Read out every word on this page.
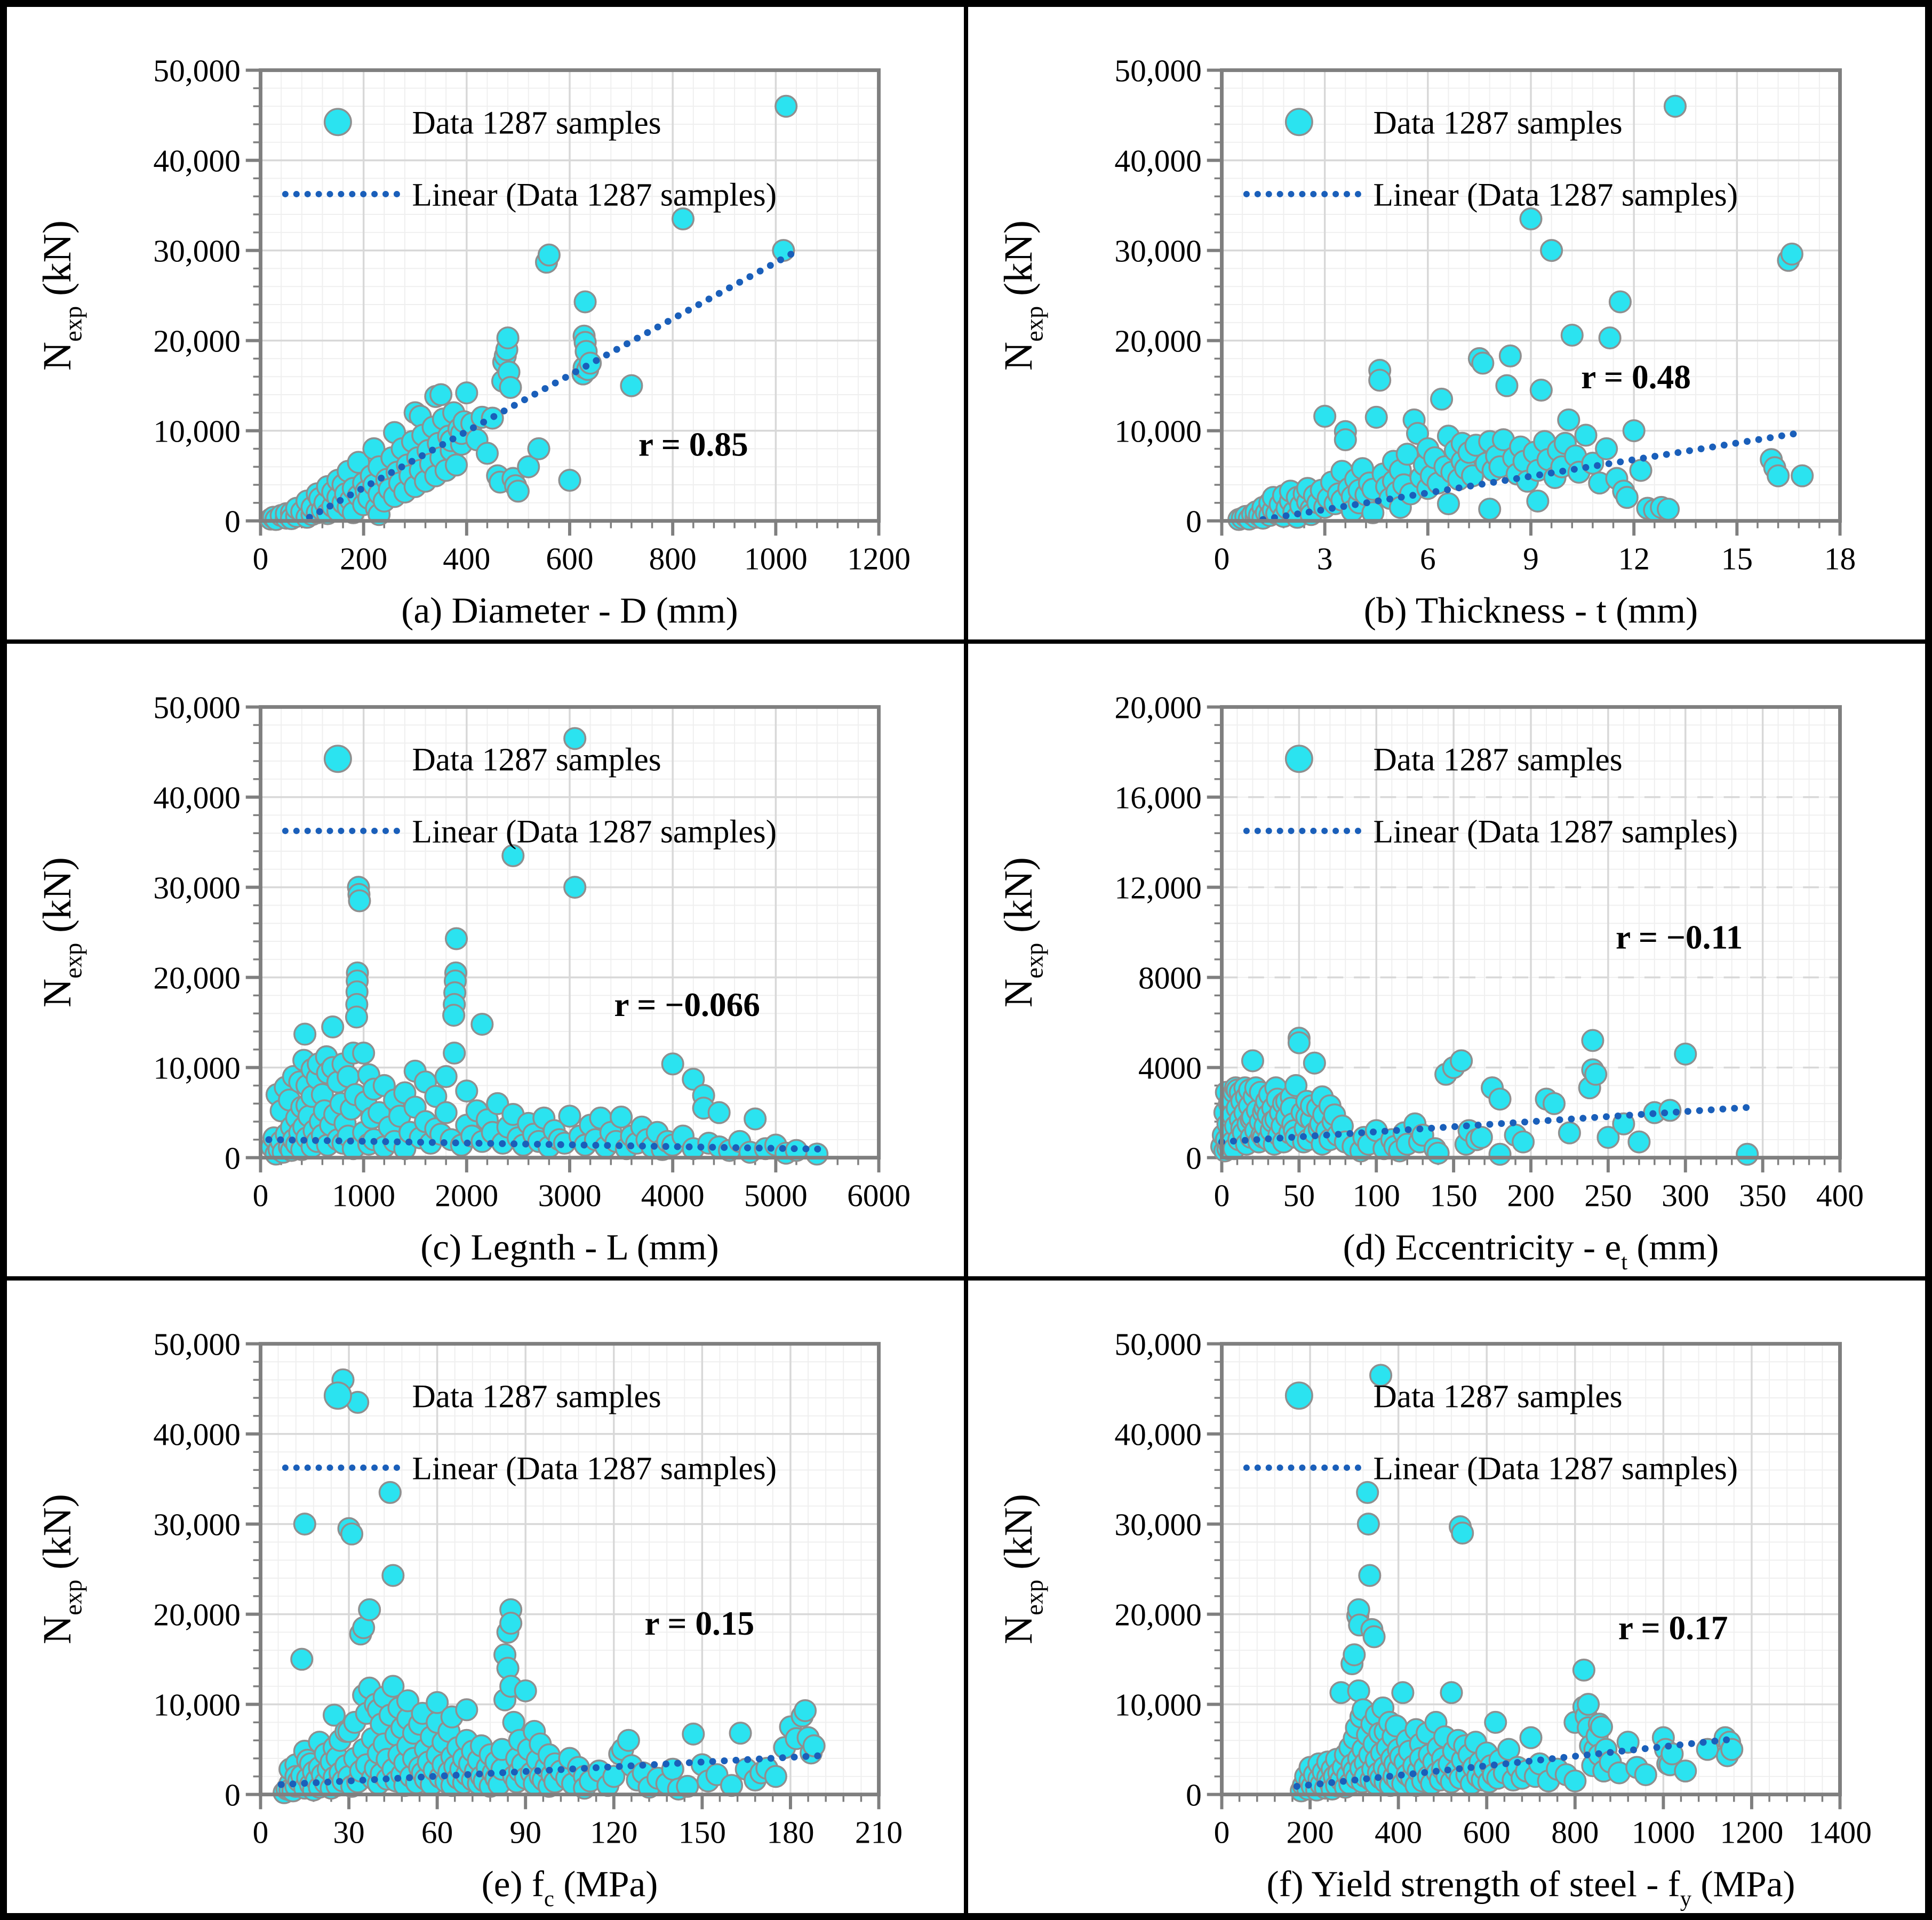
0
10,000
20,000
30,000
40,000
50,000
0 200 400 600 800 1000 1200
Data 1287 samples
Linear (Data 1287 samples)
r = 0.85
(a) Diameter - D (mm)
$N_{exp}$ (kN)
0
10,000
20,000
30,000
40,000
50,000
0	3	6	9 12 15 18
Data 1287 samples
Linear (Data 1287 samples)
r = 0.48
(b) Thickness - t (mm)
$N_{exp}$ (kN)
0
10,000
20,000
30,000
40,000
50,000
0 1000 2000 3000 4000 5000 6000
Data 1287 samples
Linear (Data 1287 samples)
r = −0.066
(c) Legnth - L (mm)
$N_{exp}$ (kN)
0
4000
8000
12,000
16,000
20,000
0 50 100 150 200 250 300 350 400
Data 1287 samples
Linear (Data 1287 samples)
r = −0.11
(d) Eccentricity - $e_t$ (mm)
$N_{exp}$ (kN)
0
10,000
20,000
30,000
40,000
50,000
0 30 60 90 120 150 180 210
Data 1287 samples
Linear (Data 1287 samples)
r = 0.15
(e) $f_c$ (MPa)
$N_{exp}$ (kN)
0
10,000
20,000
30,000
40,000
50,000
0 200 400 600 800 1000 1200 1400
Data 1287 samples
Linear (Data 1287 samples)
r = 0.17
(f) Yield strength of steel - $f_y$ (MPa)
$N_{exp}$ (kN)
